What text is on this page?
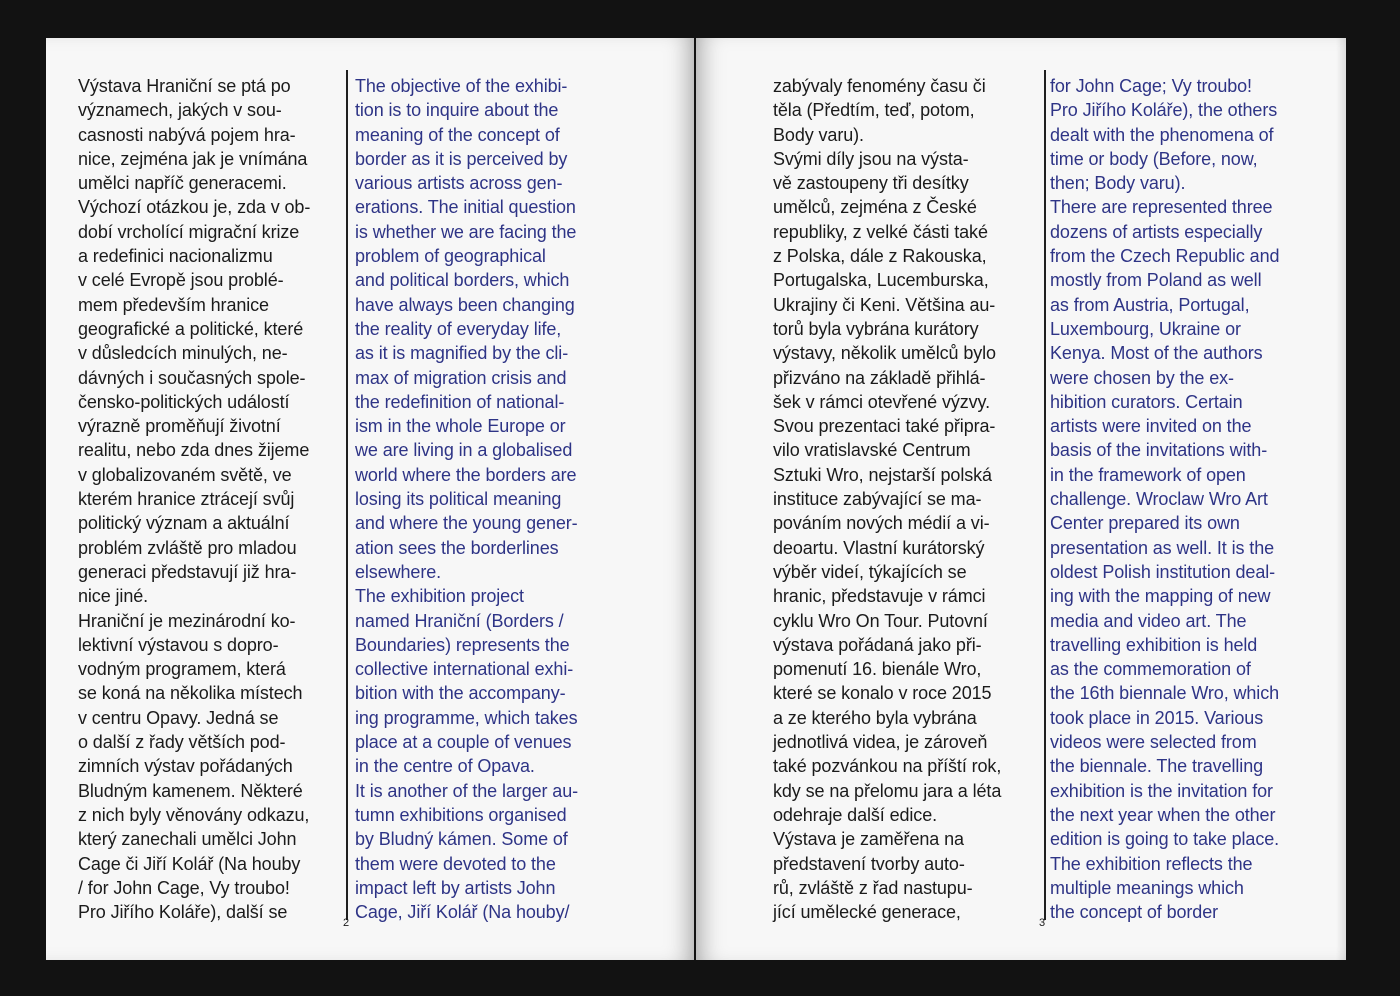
Výstava Hraniční se ptá po
významech, jakých v sou-
casnosti nabývá pojem hra-
nice, zejména jak je vnímána
umělci napříč generacemi.
Výchozí otázkou je, zda v ob-
dobí vrcholící migrační krize
a redefinici nacionalizmu
v celé Evropě jsou problé-
mem především hranice
geografické a politické, které
v důsledcích minulých, ne-
dávných i současných spole-
čensko-politických událostí
výrazně proměňují životní
realitu, nebo zda dnes žijeme
v globalizovaném světě, ve
kterém hranice ztrácejí svůj
politický význam a aktuální
problém zvláště pro mladou
generaci představují již hra-
nice jiné.
Hraniční je mezinárodní ko-
lektivní výstavou s dopro-
vodným programem, která
se koná na několika místech
v centru Opavy. Jedná se
o další z řady větších pod-
zimních výstav pořádaných
Bludným kamenem. Některé
z nich byly věnovány odkazu,
který zanechali umělci John
Cage či Jiří Kolář (Na houby
/ for John Cage, Vy troubo!
Pro Jiřího Koláře), další se

The objective of the exhibi-
tion is to inquire about the
meaning of the concept of
border as it is perceived by
various artists across gen-
erations. The initial question
is whether we are facing the
problem of geographical
and political borders, which
have always been changing
the reality of everyday life,
as it is magnified by the cli-
max of migration crisis and
the redefinition of national-
ism in the whole Europe or
we are living in a globalised
world where the borders are
losing its political meaning
and where the young gener-
ation sees the borderlines
elsewhere.
The exhibition project
named Hraniční (Borders /
Boundaries) represents the
collective international exhi-
bition with the accompany-
ing programme, which takes
place at a couple of venues
in the centre of Opava.
It is another of the larger au-
tumn exhibitions organised
by Bludný kámen. Some of
them were devoted to the
impact left by artists John
Cage, Jiří Kolář (Na houby/

2

zabývaly fenomény času či
těla (Předtím, teď, potom,
Body varu).
Svými díly jsou na výsta-
vě zastoupeny tři desítky
umělců, zejména z České
republiky, z velké části také
z Polska, dále z Rakouska,
Portugalska, Lucemburska,
Ukrajiny či Keni. Většina au-
torů byla vybrána kurátory
výstavy, několik umělců bylo
přizváno na základě přihlá-
šek v rámci otevřené výzvy.
Svou prezentaci také připra-
vilo vratislavské Centrum
Sztuki Wro, nejstarší polská
instituce zabývající se ma-
pováním nových médií a vi-
deoartu. Vlastní kurátorský
výběr videí, týkajících se
hranic, představuje v rámci
cyklu Wro On Tour. Putovní
výstava pořádaná jako při-
pomenutí 16. bienále Wro,
které se konalo v roce 2015
a ze kterého byla vybrána
jednotlivá videa, je zároveň
také pozvánkou na příští rok,
kdy se na přelomu jara a léta
odehraje další edice.
Výstava je zaměřena na
představení tvorby auto-
rů, zvláště z řad nastupu-
jící umělecké generace,

for John Cage; Vy troubo!
Pro Jiřího Koláře), the others
dealt with the phenomena of
time or body (Before, now,
then; Body varu).
There are represented three
dozens of artists especially
from the Czech Republic and
mostly from Poland as well
as from Austria, Portugal,
Luxembourg, Ukraine or
Kenya. Most of the authors
were chosen by the ex-
hibition curators. Certain
artists were invited on the
basis of the invitations with-
in the framework of open
challenge. Wroclaw Wro Art
Center prepared its own
presentation as well. It is the
oldest Polish institution deal-
ing with the mapping of new
media and video art. The
travelling exhibition is held
as the commemoration of
the 16th biennale Wro, which
took place in 2015. Various
videos were selected from
the biennale. The travelling
exhibition is the invitation for
the next year when the other
edition is going to take place.
The exhibition reflects the
multiple meanings which
the concept of border

3
